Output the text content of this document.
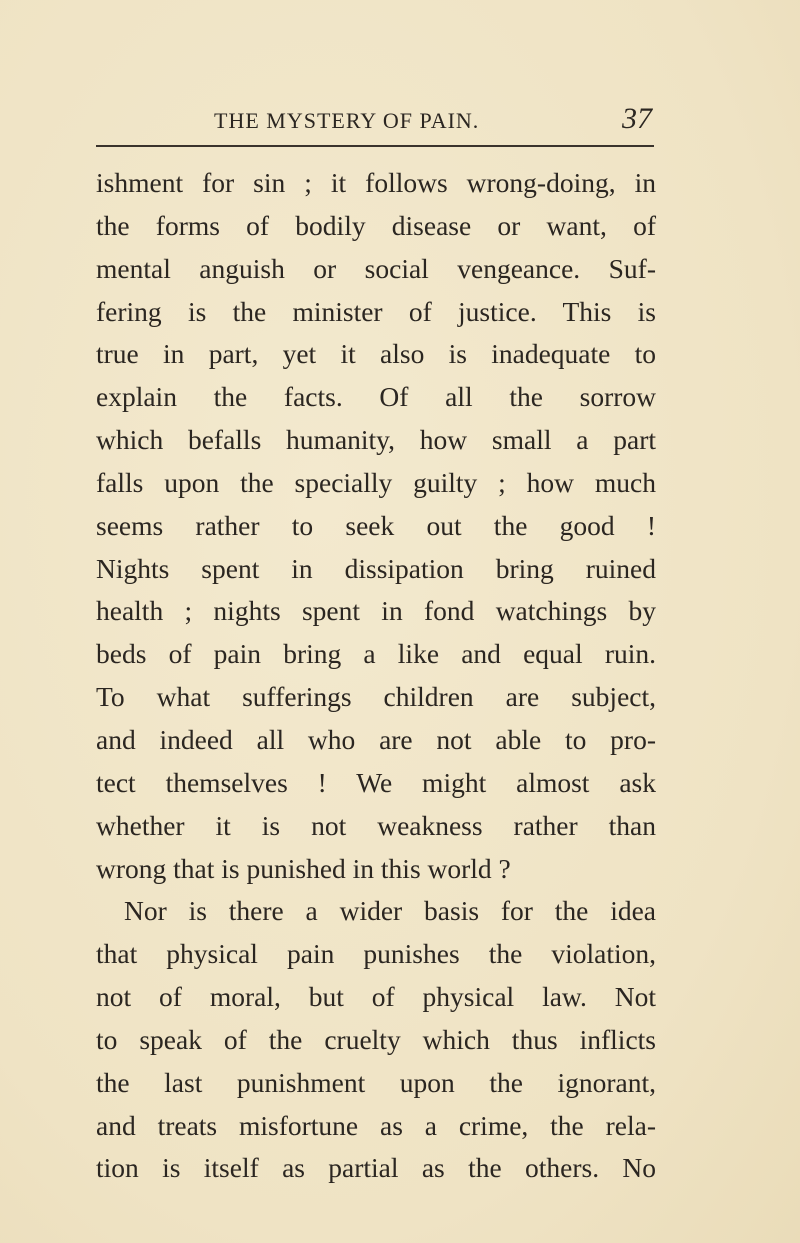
THE MYSTERY OF PAIN.	37
ishment for sin ; it follows wrong-doing, in
the forms of bodily disease or want, of
mental anguish or social vengeance. Suf-
fering is the minister of justice. This is
true in part, yet it also is inadequate to
explain the facts. Of all the sorrow
which befalls humanity, how small a part
falls upon the specially guilty ; how much
seems rather to seek out the good !
Nights spent in dissipation bring ruined
health ; nights spent in fond watchings by
beds of pain bring a like and equal ruin.
To what sufferings children are subject,
and indeed all who are not able to pro-
tect themselves ! We might almost ask
whether it is not weakness rather than
wrong that is punished in this world ?
Nor is there a wider basis for the idea
that physical pain punishes the violation,
not of moral, but of physical law. Not
to speak of the cruelty which thus inflicts
the last punishment upon the ignorant,
and treats misfortune as a crime, the rela-
tion is itself as partial as the others. No
